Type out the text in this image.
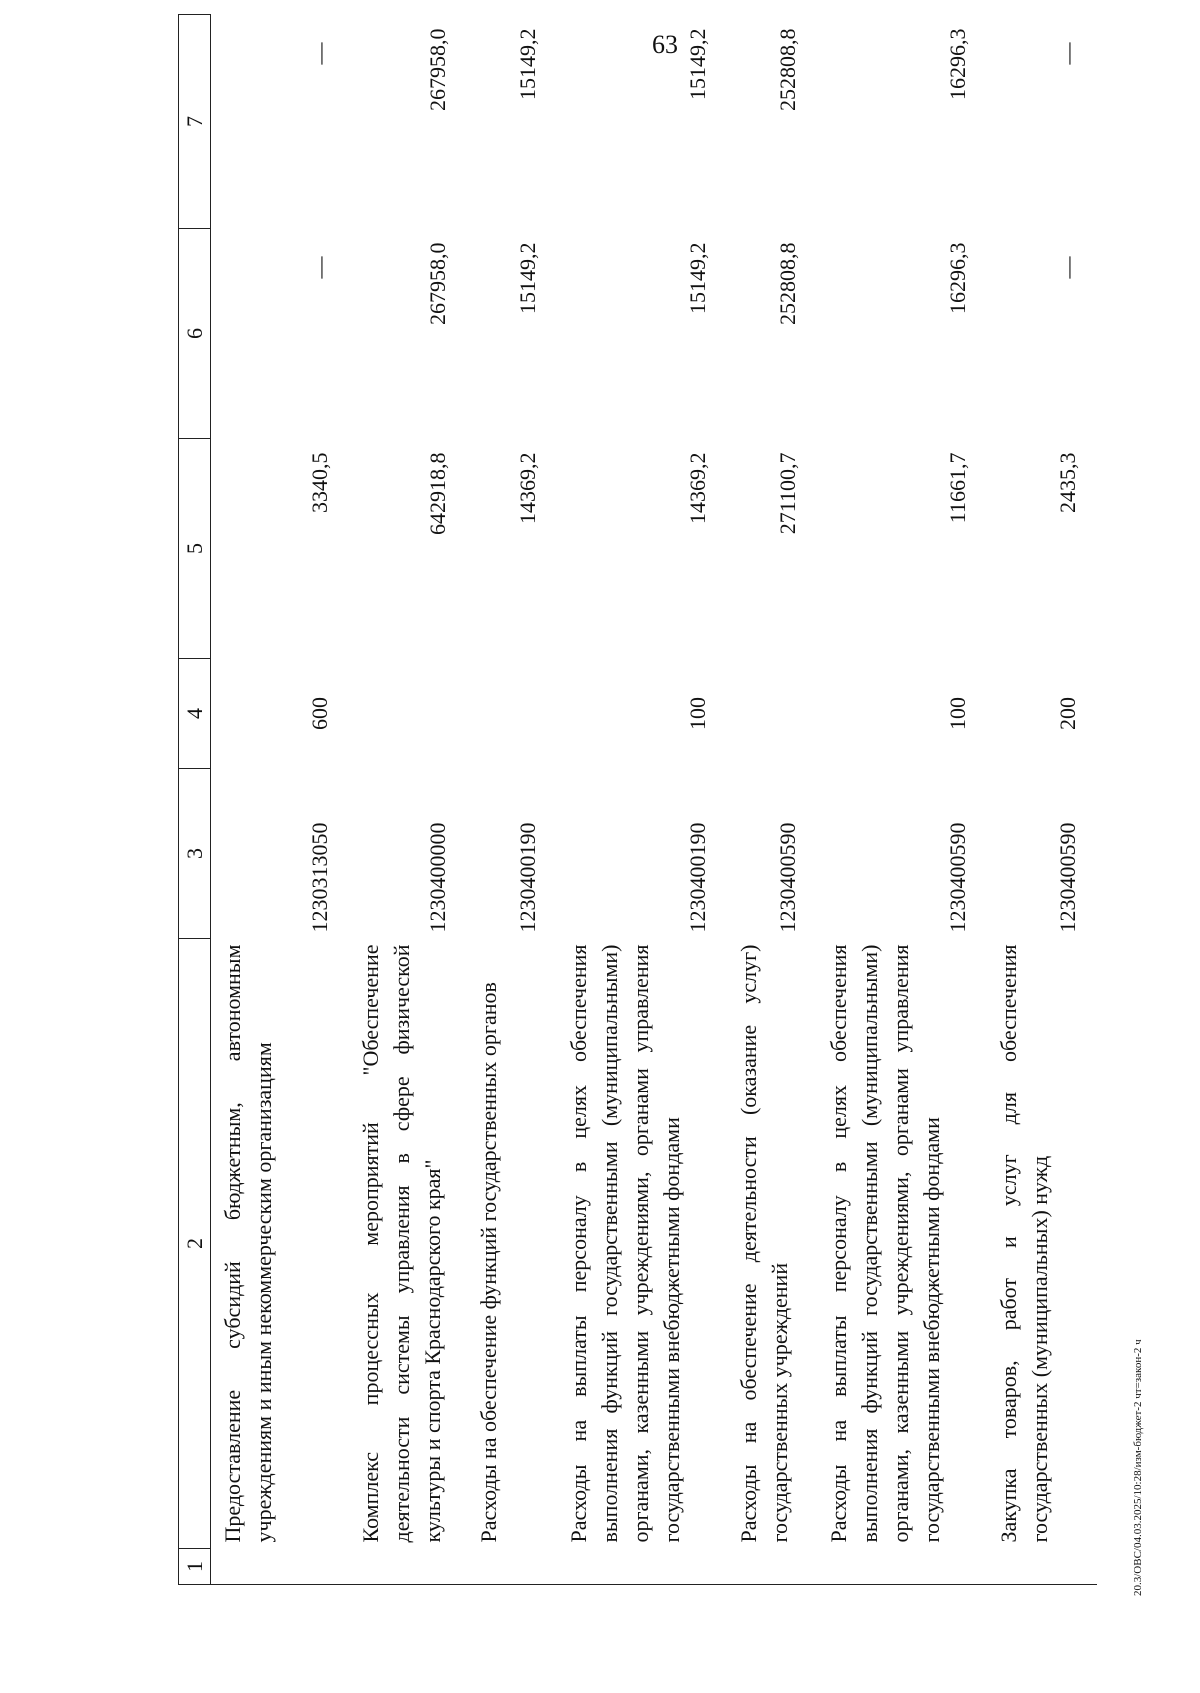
63
1	2	3	4	5	6	7

	Предоставление субсидий бюджетным, автономным учреждениям и иным некоммерческим организациям	1230313050	600	3340,5	—	—

	Комплекс процессных мероприятий "Обеспечение деятельности системы управления в сфере физической культуры и спорта Краснодарского края"	1230400000		642918,8	267958,0	267958,0

	Расходы на обеспечение функций государственных органов	1230400190		14369,2	15149,2	15149,2

	Расходы на выплаты персоналу в целях обеспечения выполнения функций государственными (муниципальными) органами, казенными учреждениями, органами управления государственными внебюджетными фондами	1230400190	100	14369,2	15149,2	15149,2

	Расходы на обеспечение деятельности (оказание услуг) государственных учреждений	1230400590		271100,7	252808,8	252808,8

	Расходы на выплаты персоналу в целях обеспечения выполнения функций государственными (муниципальными) органами, казенными учреждениями, органами управления государственными внебюджетными фондами	1230400590	100	11661,7	16296,3	16296,3

	Закупка товаров, работ и услуг для обеспечения государственных (муниципальных) нужд	1230400590	200	2435,3	—	—
20.3/ОВС/04.03.2025/10:28/изм-бюджет-2 чт=закон-2 ч
